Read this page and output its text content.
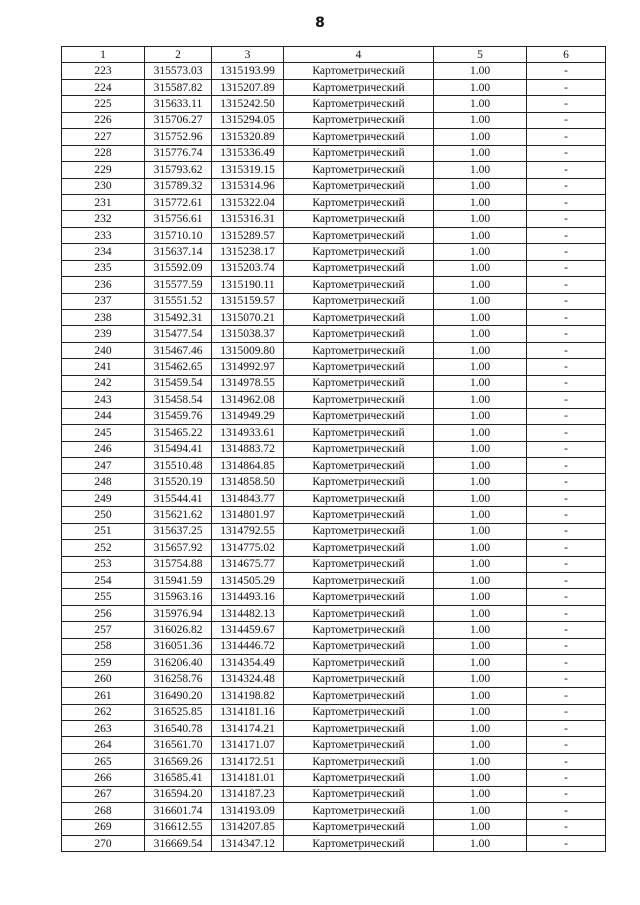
8
1	2	3	4	5	6
223	315573.03	1315193.99	Картометрический	1.00	-
224	315587.82	1315207.89	Картометрический	1.00	-
225	315633.11	1315242.50	Картометрический	1.00	-
226	315706.27	1315294.05	Картометрический	1.00	-
227	315752.96	1315320.89	Картометрический	1.00	-
228	315776.74	1315336.49	Картометрический	1.00	-
229	315793.62	1315319.15	Картометрический	1.00	-
230	315789.32	1315314.96	Картометрический	1.00	-
231	315772.61	1315322.04	Картометрический	1.00	-
232	315756.61	1315316.31	Картометрический	1.00	-
233	315710.10	1315289.57	Картометрический	1.00	-
234	315637.14	1315238.17	Картометрический	1.00	-
235	315592.09	1315203.74	Картометрический	1.00	-
236	315577.59	1315190.11	Картометрический	1.00	-
237	315551.52	1315159.57	Картометрический	1.00	-
238	315492.31	1315070.21	Картометрический	1.00	-
239	315477.54	1315038.37	Картометрический	1.00	-
240	315467.46	1315009.80	Картометрический	1.00	-
241	315462.65	1314992.97	Картометрический	1.00	-
242	315459.54	1314978.55	Картометрический	1.00	-
243	315458.54	1314962.08	Картометрический	1.00	-
244	315459.76	1314949.29	Картометрический	1.00	-
245	315465.22	1314933.61	Картометрический	1.00	-
246	315494.41	1314883.72	Картометрический	1.00	-
247	315510.48	1314864.85	Картометрический	1.00	-
248	315520.19	1314858.50	Картометрический	1.00	-
249	315544.41	1314843.77	Картометрический	1.00	-
250	315621.62	1314801.97	Картометрический	1.00	-
251	315637.25	1314792.55	Картометрический	1.00	-
252	315657.92	1314775.02	Картометрический	1.00	-
253	315754.88	1314675.77	Картометрический	1.00	-
254	315941.59	1314505.29	Картометрический	1.00	-
255	315963.16	1314493.16	Картометрический	1.00	-
256	315976.94	1314482.13	Картометрический	1.00	-
257	316026.82	1314459.67	Картометрический	1.00	-
258	316051.36	1314446.72	Картометрический	1.00	-
259	316206.40	1314354.49	Картометрический	1.00	-
260	316258.76	1314324.48	Картометрический	1.00	-
261	316490.20	1314198.82	Картометрический	1.00	-
262	316525.85	1314181.16	Картометрический	1.00	-
263	316540.78	1314174.21	Картометрический	1.00	-
264	316561.70	1314171.07	Картометрический	1.00	-
265	316569.26	1314172.51	Картометрический	1.00	-
266	316585.41	1314181.01	Картометрический	1.00	-
267	316594.20	1314187.23	Картометрический	1.00	-
268	316601.74	1314193.09	Картометрический	1.00	-
269	316612.55	1314207.85	Картометрический	1.00	-
270	316669.54	1314347.12	Картометрический	1.00	-
